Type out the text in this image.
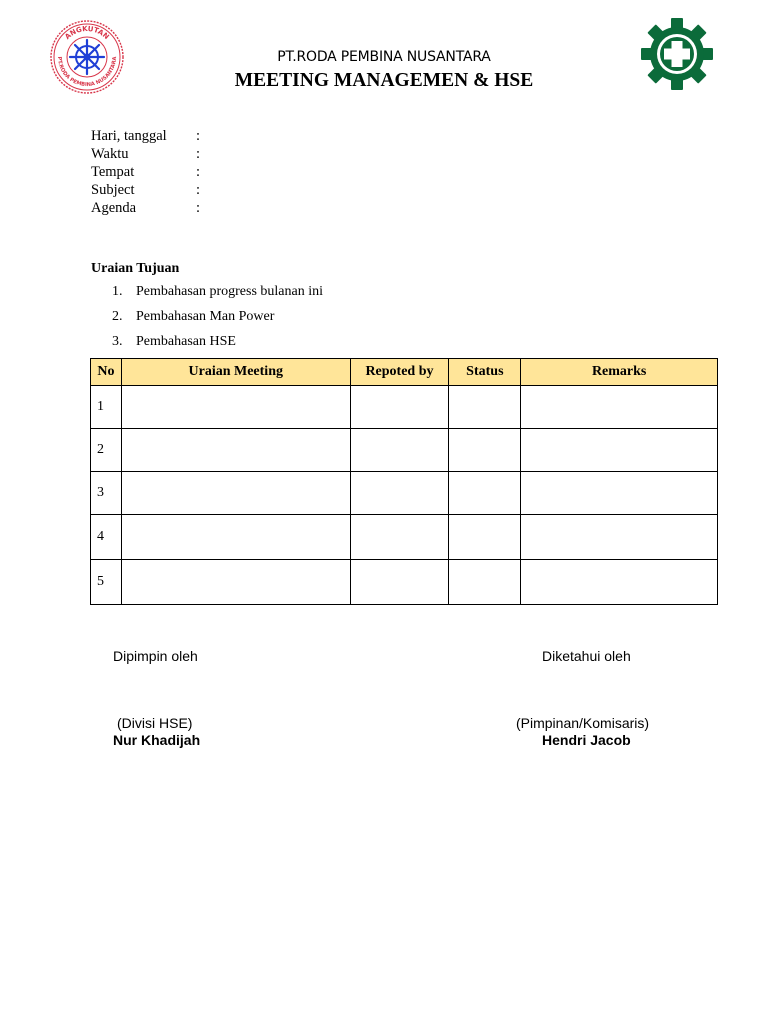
ANGKUTAN
PT.RODA PEMBINA NUSANTARA	PT.RODA PEMBINA NUSANTARA
MEETING MANAGEMEN & HSE
Hari, tanggal	:
Waktu	:
Tempat	:
Subject	:
Agenda	:
Uraian Tujuan
1. Pembahasan progress bulanan ini
2. Pembahasan Man Power
3. Pembahasan HSE
No	Uraian Meeting	Repoted by	Status	Remarks
1				
2				
3				
4				
5				
Dipimpin oleh
(Divisi HSE)
Nur Khadijah
Diketahui oleh
(Pimpinan/Komisaris)
Hendri Jacob
